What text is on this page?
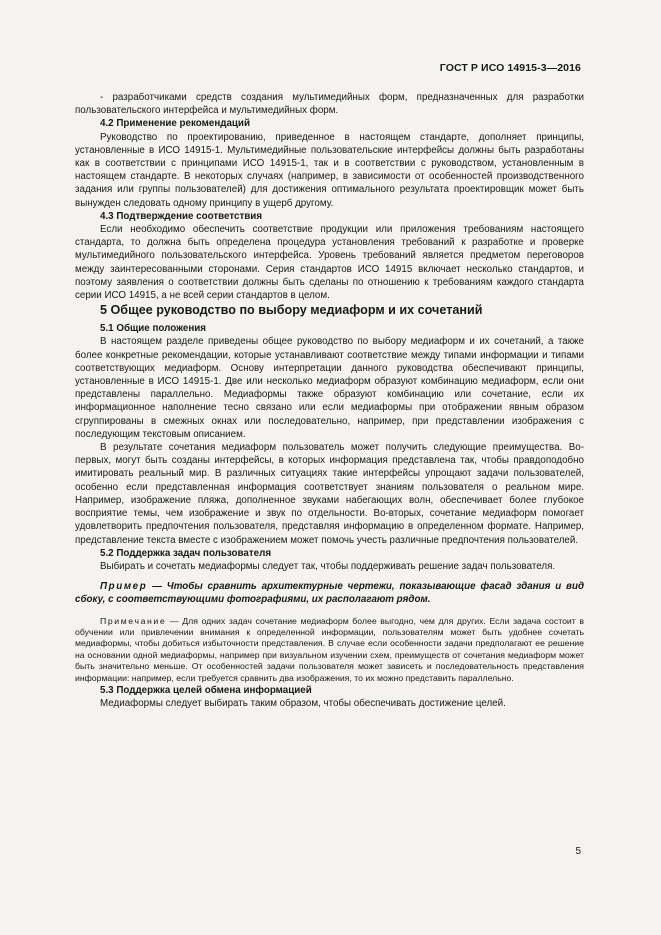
ГОСТ Р ИСО 14915-3—2016

- разработчиками средств создания мультимедийных форм, предназначенных для разработки пользовательского интерфейса и мультимедийных форм.

4.2 Применение рекомендаций

Руководство по проектированию, приведенное в настоящем стандарте, дополняет принципы, установленные в ИСО 14915-1. Мультимедийные пользовательские интерфейсы должны быть разработаны как в соответствии с принципами ИСО 14915-1, так и в соответствии с руководством, установленным в настоящем стандарте. В некоторых случаях (например, в зависимости от особенностей производственного задания или группы пользователей) для достижения оптимального результата проектировщик может быть вынужден следовать одному принципу в ущерб другому.

4.3 Подтверждение соответствия

Если необходимо обеспечить соответствие продукции или приложения требованиям настоящего стандарта, то должна быть определена процедура установления требований к разработке и проверке мультимедийного пользовательского интерфейса. Уровень требований является предметом переговоров между заинтересованными сторонами. Серия стандартов ИСО 14915 включает несколько стандартов, и поэтому заявления о соответствии должны быть сделаны по отношению к требованиям каждого стандарта серии ИСО 14915, а не всей серии стандартов в целом.

5 Общее руководство по выбору медиаформ и их сочетаний

5.1 Общие положения

В настоящем разделе приведены общее руководство по выбору медиаформ и их сочетаний, а также более конкретные рекомендации, которые устанавливают соответствие между типами информации и типами соответствующих медиаформ. Основу интерпретации данного руководства обеспечивают принципы, установленные в ИСО 14915-1. Две или несколько медиаформ образуют комбинацию медиаформ, если они представлены параллельно. Медиаформы также образуют комбинацию или сочетание, если их информационное наполнение тесно связано или если медиаформы при отображении явным образом сгруппированы в смежных окнах или последовательно, например, при представлении изображения с последующим текстовым описанием.

В результате сочетания медиаформ пользователь может получить следующие преимущества. Во-первых, могут быть созданы интерфейсы, в которых информация представлена так, чтобы правдоподобно имитировать реальный мир. В различных ситуациях такие интерфейсы упрощают задачи пользователей, особенно если представленная информация соответствует знаниям пользователя о реальном мире. Например, изображение пляжа, дополненное звуками набегающих волн, обеспечивает более глубокое восприятие темы, чем изображение и звук по отдельности. Во-вторых, сочетание медиаформ помогает удовлетворить предпочтения пользователя, представляя информацию в определенном формате. Например, представление текста вместе с изображением может помочь учесть различные предпочтения пользователей.

5.2 Поддержка задач пользователя

Выбирать и сочетать медиаформы следует так, чтобы поддерживать решение задач пользователя.

Пример — Чтобы сравнить архитектурные чертежи, показывающие фасад здания и вид сбоку, с соответствующими фотографиями, их располагают рядом.

Примечание — Для одних задач сочетание медиаформ более выгодно, чем для других. Если задача состоит в обучении или привлечении внимания к определенной информации, пользователям может быть удобнее сочетать медиаформы, чтобы добиться избыточности представления. В случае если особенности задачи предполагают ее решение на основании одной медиаформы, например при визуальном изучении схем, преимуществ от сочетания медиаформ может быть значительно меньше. От особенностей задачи пользователя может зависеть и последовательность представления информации: например, если требуется сравнить два изображения, то их можно представить параллельно.

5.3 Поддержка целей обмена информацией

Медиаформы следует выбирать таким образом, чтобы обеспечивать достижение целей.

5
